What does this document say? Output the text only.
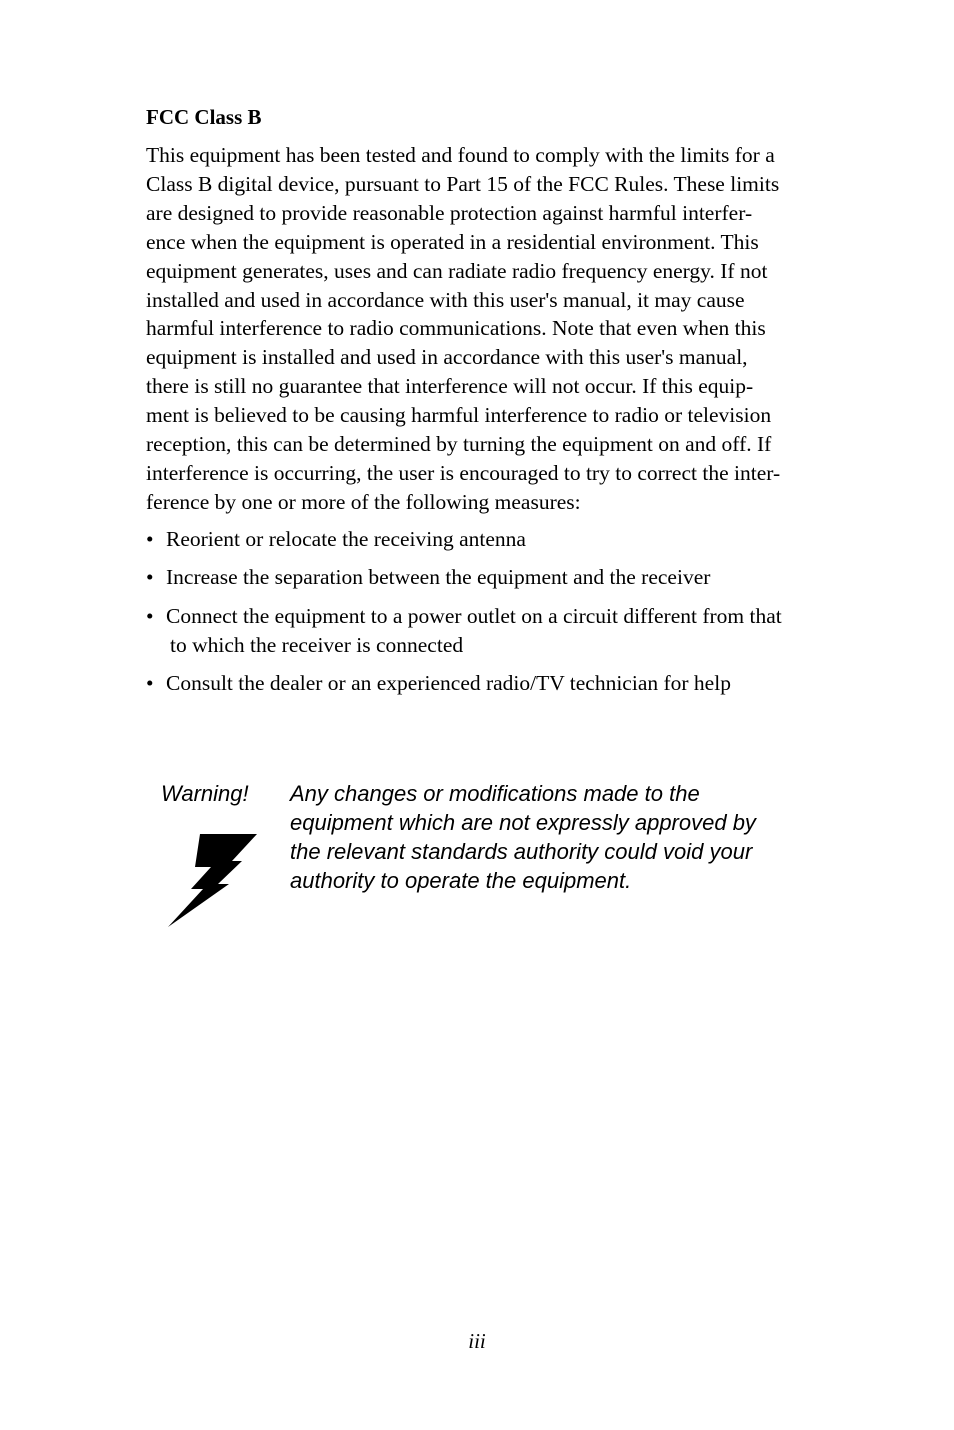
FCC Class B

This equipment has been tested and found to comply with the limits for a
Class B digital device, pursuant to Part 15 of the FCC Rules. These limits
are designed to provide reasonable protection against harmful interfer-
ence when the equipment is operated in a residential environment. This
equipment generates, uses and can radiate radio frequency energy. If not
installed and used in accordance with this user's manual, it may cause
harmful interference to radio communications. Note that even when this
equipment is installed and used in accordance with this user's manual,
there is still no guarantee that interference will not occur. If this equip-
ment is believed to be causing harmful interference to radio or television
reception, this can be determined by turning the equipment on and off. If
interference is occurring, the user is encouraged to try to correct the inter-
ference by one or more of the following measures:

• Reorient or relocate the receiving antenna
• Increase the separation between the equipment and the receiver
• Connect the equipment to a power outlet on a circuit different from that
to which the receiver is connected
• Consult the dealer or an experienced radio/TV technician for help

Warning! Any changes or modifications made to the
equipment which are not expressly approved by
the relevant standards authority could void your
authority to operate the equipment.

iii
